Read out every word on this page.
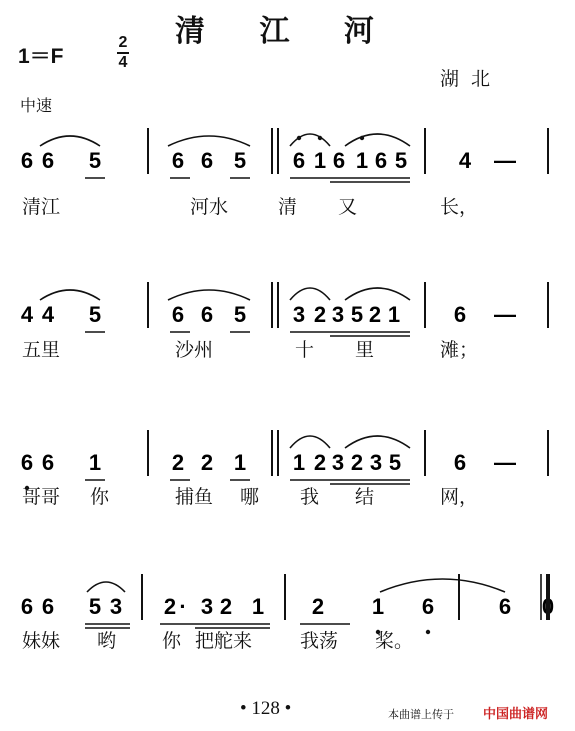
清 江 河
1＝F
2
4
湖北
中速
6 6 5	6 6 5 6 1 6 1 6 5 4 —
4 4 5	6 6 5 3 2 3 5 2 1 6 —
6 6 1	2 2 1 1 2 3 2 3 5 6 —
6 6 5 3 2 · 3 2 1 2 1 6	6 0
清江	河水	清 又	长，
五里	沙州	十 里	滩；
哥哥 你	捕鱼 哪 我 结	网，
妹妹 哟 你 把舵来	我荡 桨。
• 128 •	本曲谱上传于 中国曲谱网
